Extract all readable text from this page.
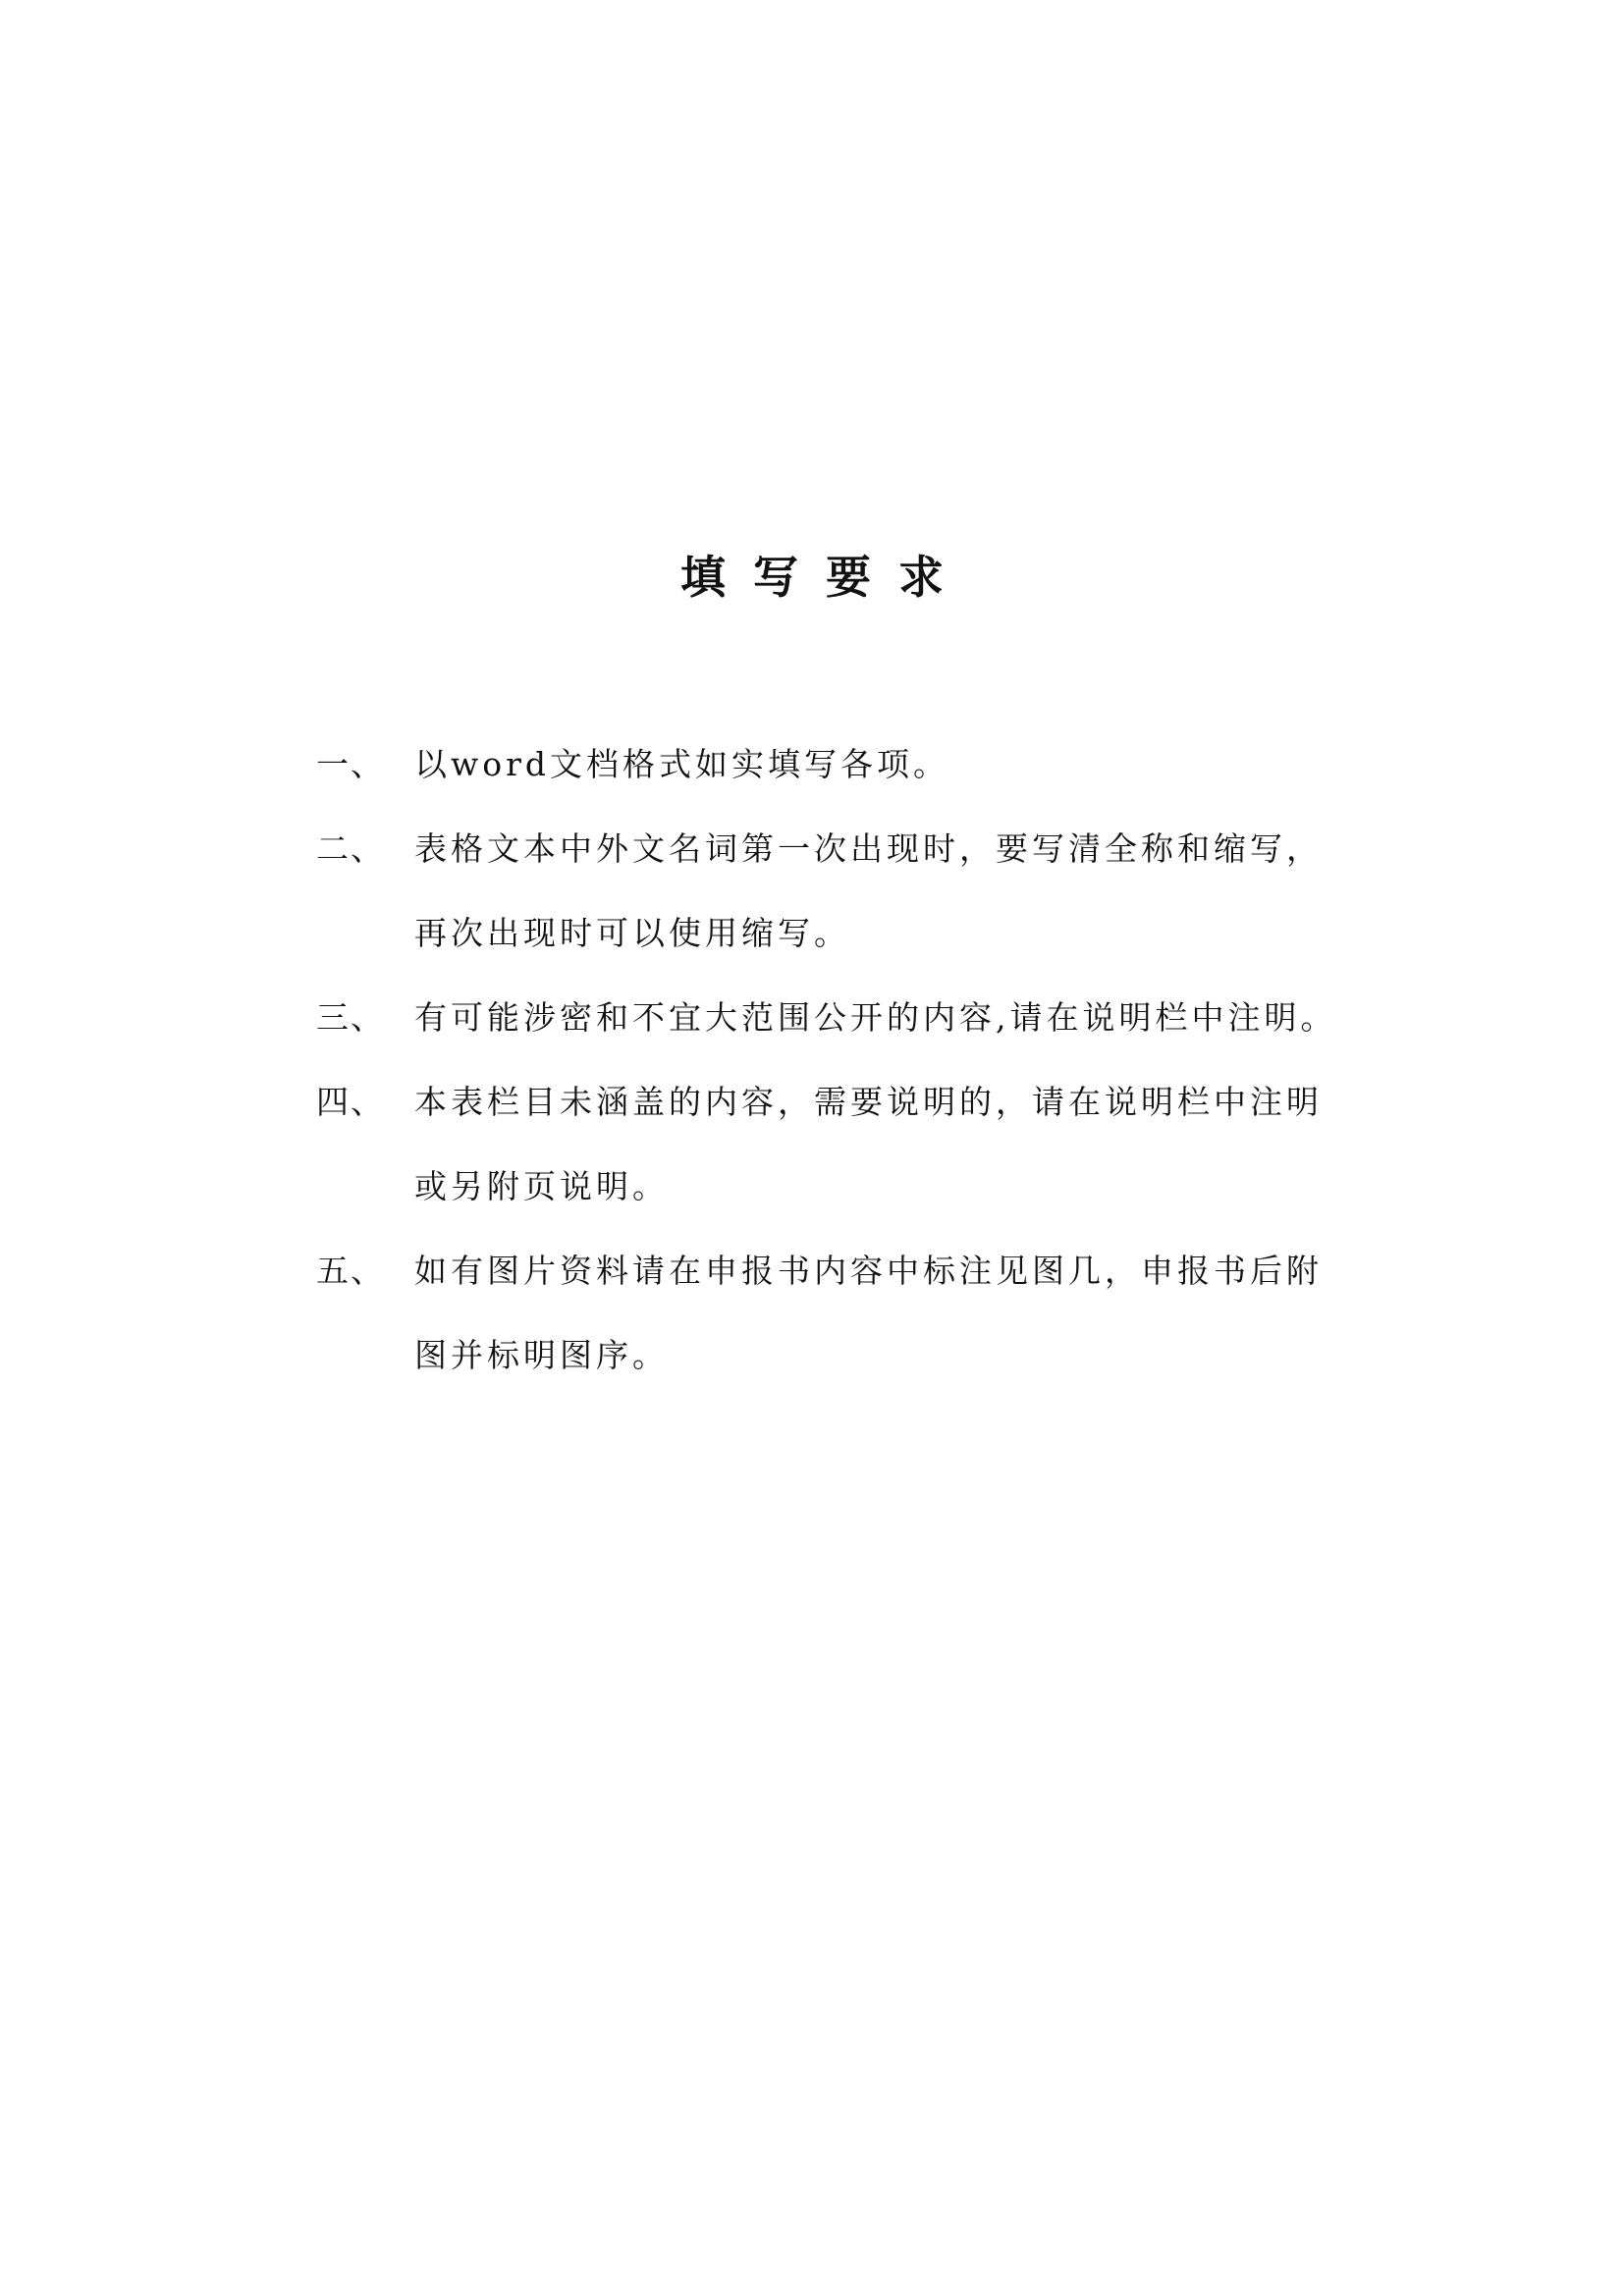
填写要求
一、 以word文档格式如实填写各项。
二、 表格文本中外文名词第一次出现时，要写清全称和缩写，
再次出现时可以使用缩写。
三、 有可能涉密和不宜大范围公开的内容,请在说明栏中注明。
四、 本表栏目未涵盖的内容，需要说明的，请在说明栏中注明
或另附页说明。
五、 如有图片资料请在申报书内容中标注见图几，申报书后附
图并标明图序。
